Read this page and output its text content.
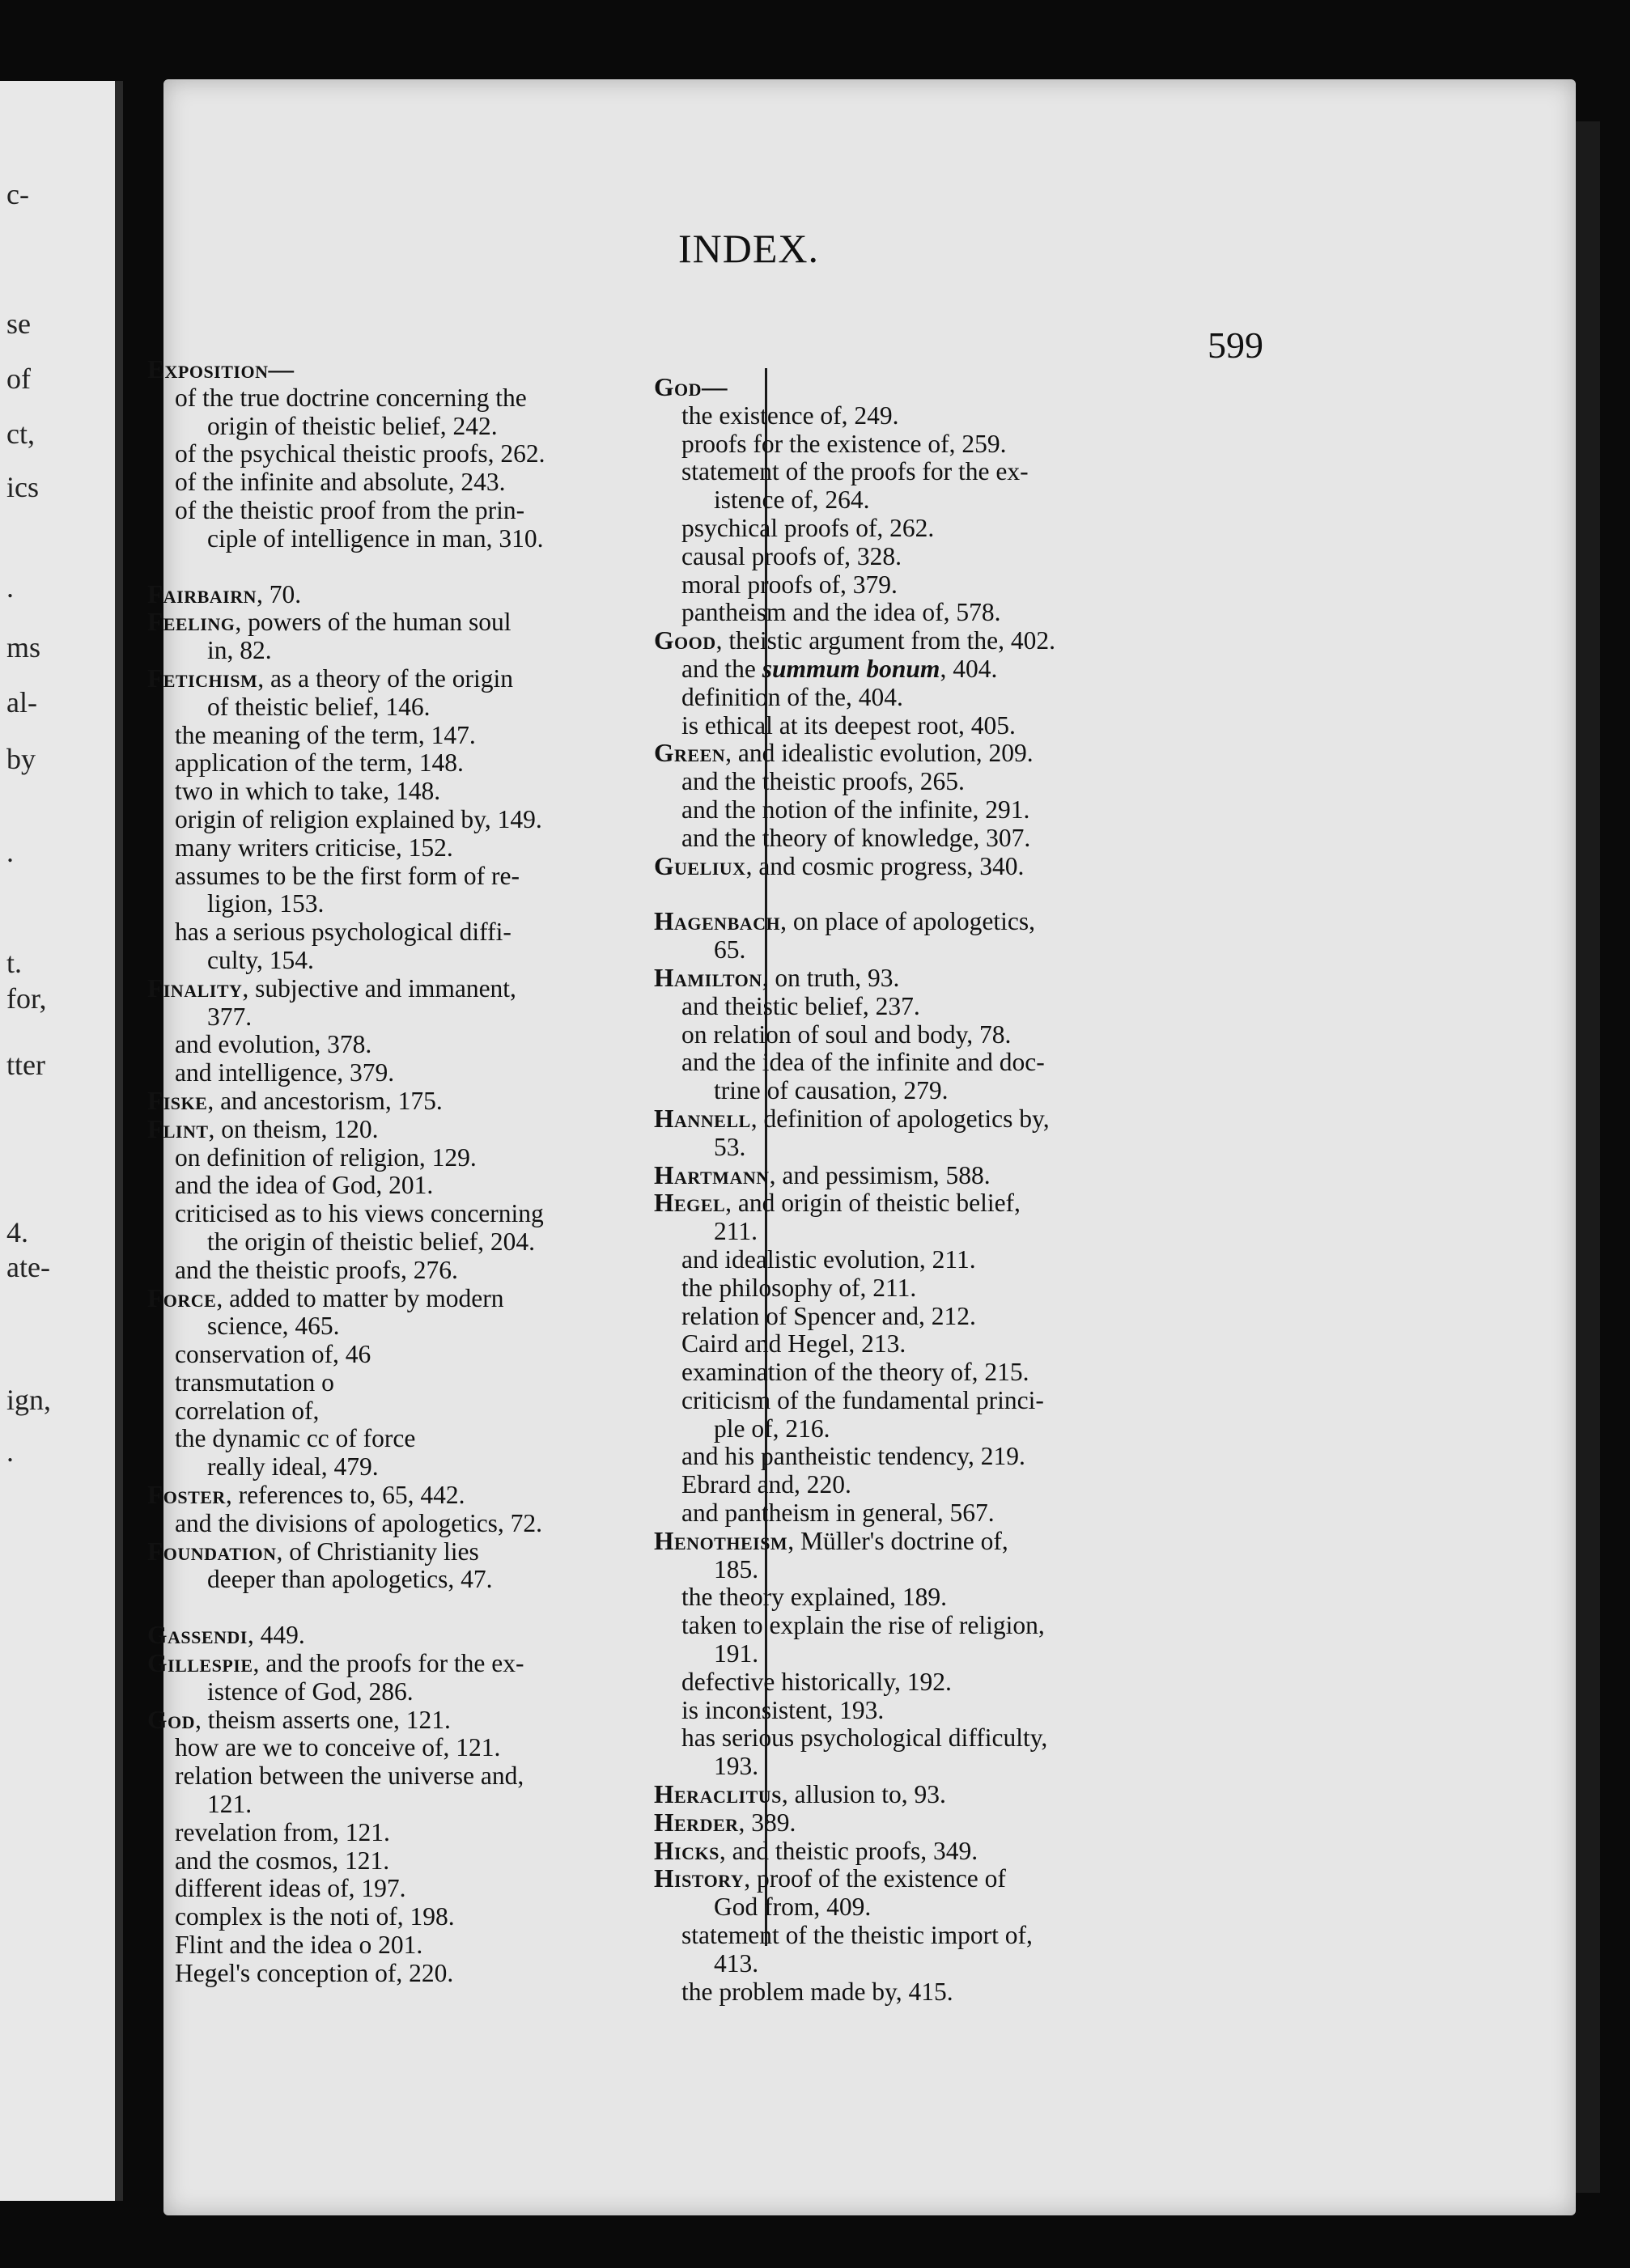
c-
se
of
ct,
ics
.
ms
al-
by
.
t.
for,
tter
4.
ate-
ign,
.
INDEX.
599
Exposition—
of the true doctrine concerning the
origin of theistic belief, 242.
of the psychical theistic proofs, 262.
of the infinite and absolute, 243.
of the theistic proof from the prin-
ciple of intelligence in man, 310.
Fairbairn, 70.
Feeling, powers of the human soul
in, 82.
Fetichism, as a theory of the origin
of theistic belief, 146.
the meaning of the term, 147.
application of the term, 148.
two in which to take, 148.
origin of religion explained by, 149.
many writers criticise, 152.
assumes to be the first form of re-
ligion, 153.
has a serious psychological diffi-
culty, 154.
Finality, subjective and immanent,
377.
and evolution, 378.
and intelligence, 379.
Fiske, and ancestorism, 175.
Flint, on theism, 120.
on definition of religion, 129.
and the idea of God, 201.
criticised as to his views concerning
the origin of theistic belief, 204.
and the theistic proofs, 276.
Force, added to matter by modern
science, 465.
conservation of, 46
transmutation o
correlation of,
the dynamic cc of force
really ideal, 479.
Foster, references to, 65, 442.
and the divisions of apologetics, 72.
Foundation, of Christianity lies
deeper than apologetics, 47.
Gassendi, 449.
Gillespie, and the proofs for the ex-
istence of God, 286.
God, theism asserts one, 121.
how are we to conceive of, 121.
relation between the universe and,
121.
revelation from, 121.
and the cosmos, 121.
different ideas of, 197.
complex is the noti of, 198.
Flint and the idea o 201.
Hegel's conception of, 220.
God—
the existence of, 249.
proofs for the existence of, 259.
statement of the proofs for the ex-
istence of, 264.
psychical proofs of, 262.
causal proofs of, 328.
moral proofs of, 379.
pantheism and the idea of, 578.
Good, theistic argument from the, 402.
and the summum bonum, 404.
definition of the, 404.
is ethical at its deepest root, 405.
Green, and idealistic evolution, 209.
and the theistic proofs, 265.
and the notion of the infinite, 291.
and the theory of knowledge, 307.
Gueliux, and cosmic progress, 340.
Hagenbach, on place of apologetics,
65.
Hamilton, on truth, 93.
and theistic belief, 237.
on relation of soul and body, 78.
and the idea of the infinite and doc-
trine of causation, 279.
Hannell, definition of apologetics by,
53.
Hartmann, and pessimism, 588.
Hegel, and origin of theistic belief,
211.
and idealistic evolution, 211.
the philosophy of, 211.
relation of Spencer and, 212.
Caird and Hegel, 213.
examination of the theory of, 215.
criticism of the fundamental princi-
ple of, 216.
and his pantheistic tendency, 219.
Ebrard and, 220.
and pantheism in general, 567.
Henotheism, Müller's doctrine of,
185.
the theory explained, 189.
taken to explain the rise of religion,
191.
defective historically, 192.
is inconsistent, 193.
has serious psychological difficulty,
193.
Heraclitus, allusion to, 93.
Herder, 389.
Hicks, and theistic proofs, 349.
History, proof of the existence of
God from, 409.
statement of the theistic import of,
413.
the problem made by, 415.
